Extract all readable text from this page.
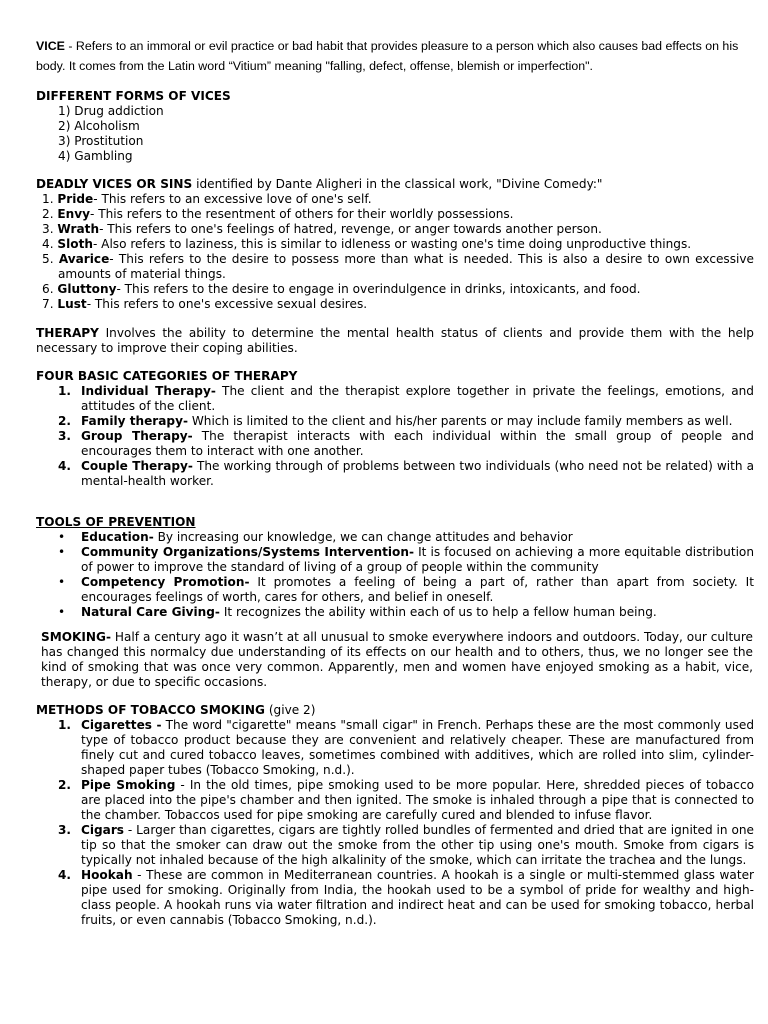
VICE - Refers to an immoral or evil practice or bad habit that provides pleasure to a person which also causes bad effects on his body. It comes from the Latin word “Vitium” meaning "falling, defect, offense, blemish or imperfection".

DIFFERENT FORMS OF VICES

1) Drug addiction

2) Alcoholism

3) Prostitution

4) Gambling

DEADLY VICES OR SINS identified by Dante Aligheri in the classical work, "Divine Comedy:"

1. Pride- This refers to an excessive love of one's self.

2. Envy- This refers to the resentment of others for their worldly possessions.

3. Wrath- This refers to one's feelings of hatred, revenge, or anger towards another person.

4. Sloth- Also refers to laziness, this is similar to idleness or wasting one's time doing unproductive things.

5. Avarice- This refers to the desire to possess more than what is needed. This is also a desire to own excessive amounts of material things.

6. Gluttony- This refers to the desire to engage in overindulgence in drinks, intoxicants, and food.

7. Lust- This refers to one's excessive sexual desires.

THERAPY Involves the ability to determine the mental health status of clients and provide them with the help necessary to improve their coping abilities.

FOUR BASIC CATEGORIES OF THERAPY

1. Individual Therapy- The client and the therapist explore together in private the feelings, emotions, and attitudes of the client.

2. Family therapy- Which is limited to the client and his/her parents or may include family members as well.

3. Group Therapy- The therapist interacts with each individual within the small group of people and encourages them to interact with one another.

4. Couple Therapy- The working through of problems between two individuals (who need not be related) with a mental-health worker.

TOOLS OF PREVENTION

• Education- By increasing our knowledge, we can change attitudes and behavior

• Community Organizations/Systems Intervention- It is focused on achieving a more equitable distribution of power to improve the standard of living of a group of people within the community

• Competency Promotion- It promotes a feeling of being a part of, rather than apart from society. It encourages feelings of worth, cares for others, and belief in oneself.

• Natural Care Giving- It recognizes the ability within each of us to help a fellow human being.

SMOKING- Half a century ago it wasn’t at all unusual to smoke everywhere indoors and outdoors. Today, our culture has changed this normalcy due understanding of its effects on our health and to others, thus, we no longer see the kind of smoking that was once very common. Apparently, men and women have enjoyed smoking as a habit, vice, therapy, or due to specific occasions.

METHODS OF TOBACCO SMOKING (give 2)

1. Cigarettes - The word "cigarette" means "small cigar" in French. Perhaps these are the most commonly used type of tobacco product because they are convenient and relatively cheaper. These are manufactured from finely cut and cured tobacco leaves, sometimes combined with additives, which are rolled into slim, cylinder-shaped paper tubes (Tobacco Smoking, n.d.).

2. Pipe Smoking - In the old times, pipe smoking used to be more popular. Here, shredded pieces of tobacco are placed into the pipe's chamber and then ignited. The smoke is inhaled through a pipe that is connected to the chamber. Tobaccos used for pipe smoking are carefully cured and blended to infuse flavor.

3. Cigars - Larger than cigarettes, cigars are tightly rolled bundles of fermented and dried that are ignited in one tip so that the smoker can draw out the smoke from the other tip using one's mouth. Smoke from cigars is typically not inhaled because of the high alkalinity of the smoke, which can irritate the trachea and the lungs.

4. Hookah - These are common in Mediterranean countries. A hookah is a single or multi-stemmed glass water pipe used for smoking. Originally from India, the hookah used to be a symbol of pride for wealthy and high- class people. A hookah runs via water filtration and indirect heat and can be used for smoking tobacco, herbal fruits, or even cannabis (Tobacco Smoking, n.d.).
